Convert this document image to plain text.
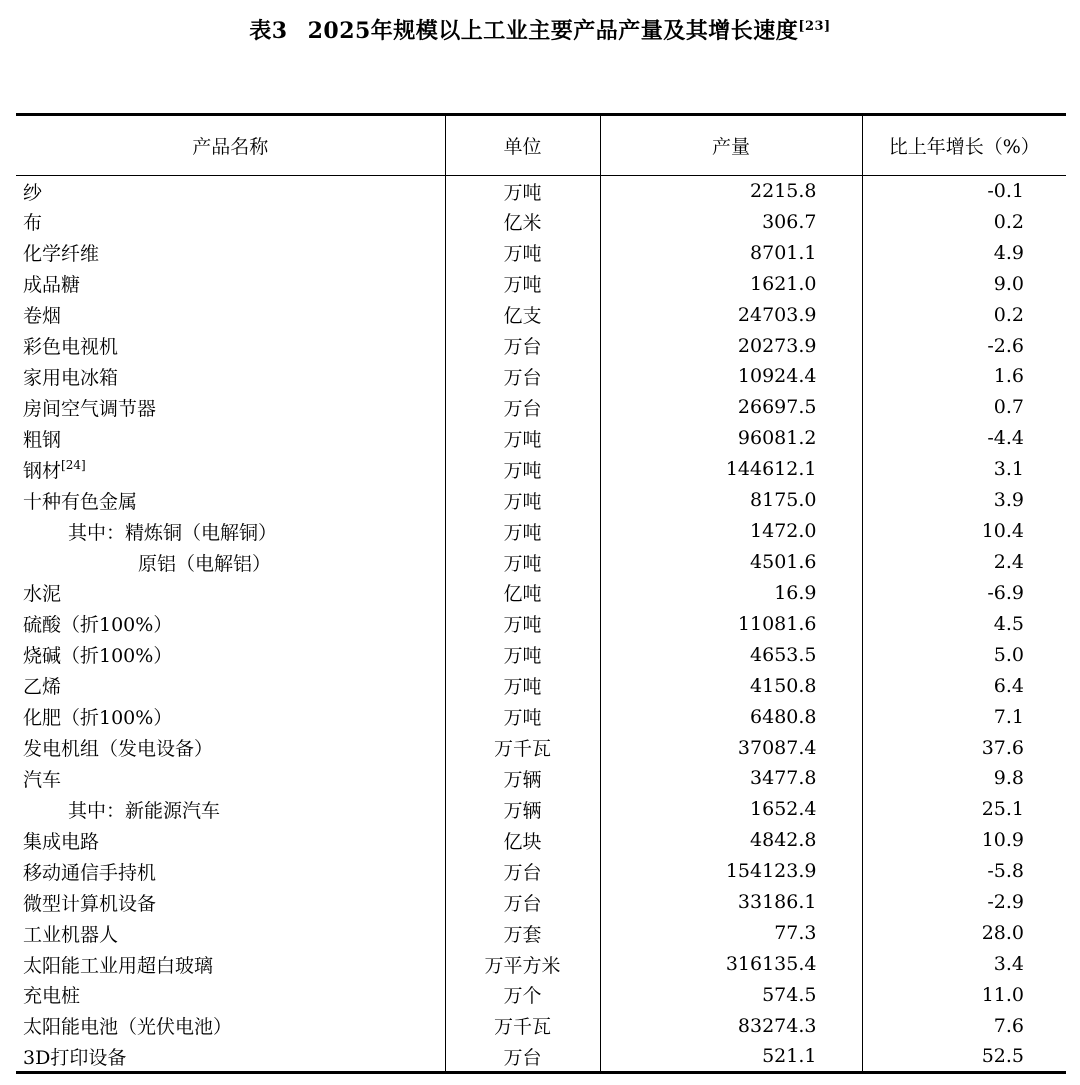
表3 2025年规模以上工业主要产品产量及其增长速度[23]
产品名称	单位	产量	比上年增长（%）
纱	万吨	2215.8	-0.1
布	亿米	306.7	0.2
化学纤维	万吨	8701.1	4.9
成品糖	万吨	1621.0	9.0
卷烟	亿支	24703.9	0.2
彩色电视机	万台	20273.9	-2.6
家用电冰箱	万台	10924.4	1.6
房间空气调节器	万台	26697.5	0.7
粗钢	万吨	96081.2	-4.4
钢材[24]	万吨	144612.1	3.1
十种有色金属	万吨	8175.0	3.9
其中：精炼铜（电解铜）	万吨	1472.0	10.4
原铝（电解铝）	万吨	4501.6	2.4
水泥	亿吨	16.9	-6.9
硫酸（折100%）	万吨	11081.6	4.5
烧碱（折100%）	万吨	4653.5	5.0
乙烯	万吨	4150.8	6.4
化肥（折100%）	万吨	6480.8	7.1
发电机组（发电设备）	万千瓦	37087.4	37.6
汽车	万辆	3477.8	9.8
其中：新能源汽车	万辆	1652.4	25.1
集成电路	亿块	4842.8	10.9
移动通信手持机	万台	154123.9	-5.8
微型计算机设备	万台	33186.1	-2.9
工业机器人	万套	77.3	28.0
太阳能工业用超白玻璃	万平方米	316135.4	3.4
充电桩	万个	574.5	11.0
太阳能电池（光伏电池）	万千瓦	83274.3	7.6
3D打印设备	万台	521.1	52.5
